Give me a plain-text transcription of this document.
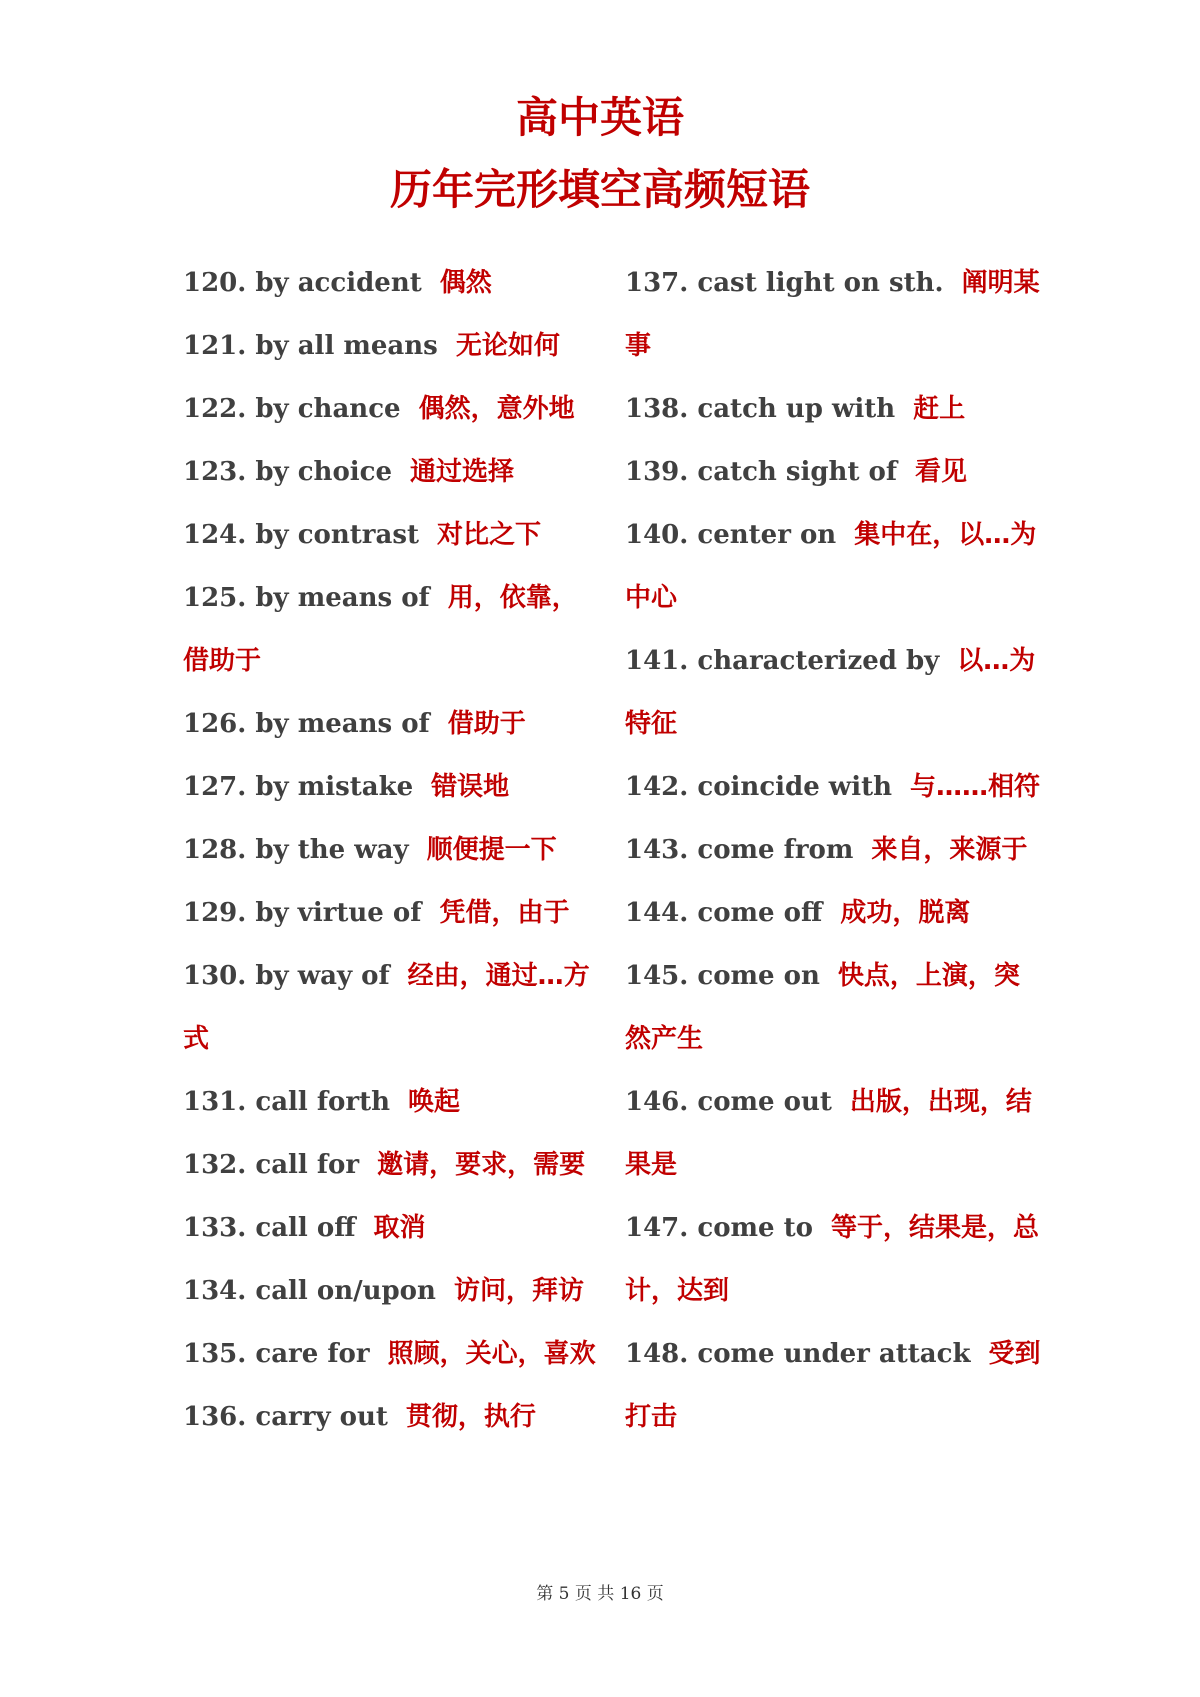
高中英语
历年完形填空高频短语
120. by accident 偶然
121. by all means 无论如何
122. by chance 偶然，意外地
123. by choice 通过选择
124. by contrast 对比之下
125. by means of 用，依靠，借助于
126. by means of 借助于
127. by mistake 错误地
128. by the way 顺便提一下
129. by virtue of 凭借，由于
130. by way of 经由，通过…方式
131. call forth 唤起
132. call for 邀请，要求，需要
133. call off 取消
134. call on/upon 访问，拜访
135. care for 照顾，关心，喜欢
136. carry out 贯彻，执行
137. cast light on sth. 阐明某事
138. catch up with 赶上
139. catch sight of 看见
140. center on 集中在，以…为中心
141. characterized by 以…为特征
142. coincide with 与……相符
143. come from 来自，来源于
144. come off 成功，脱离
145. come on 快点，上演，突然产生
146. come out 出版，出现，结果是
147. come to 等于，结果是，总计，达到
148. come under attack 受到打击
第 5 页 共 16 页
